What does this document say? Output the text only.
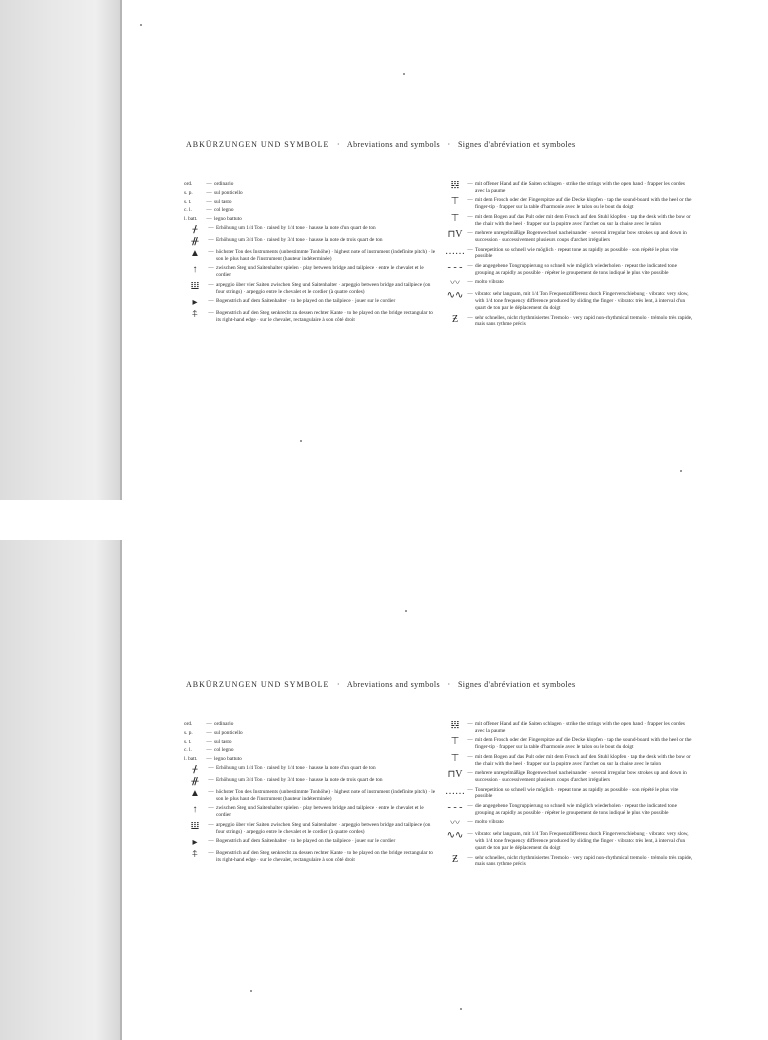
ABKÜRZUNGEN UND SYMBOLE · Abreviations and symbols · Signes d'abréviation et symboles
ord.	— ordinario
s. p.	— sul ponticello
s. t.	— sul tasto
c. l.	— col legno
l. batt.	— legno battuto
ᚋ	— Erhöhung um 1/4 Ton · raised by 1/4 tone · hausse la note d'un quart de ton
ᚌ	— Erhöhung um 3/4 Ton · raised by 3/4 tone · hausse la note de trois quart de ton
▲	— höchster Ton des Instruments (unbestimmte Tonhöhe) · highest note of instrument (indefinite pitch) · le son le plus haut de l'instrument (hauteur indéterminée)
↑	— zwischen Steg und Saitenhalter spielen · play between bridge and tailpiece · entre le chevalet et le cordier
𝍔	— arpeggio über vier Saiten zwischen Steg und Saitenhalter · arpeggio between bridge and tailpiece (on four strings) · arpeggio entre le chevalet et le cordier (à quatre cordes)
▸	— Bogenstrich auf dem Saitenhalter · to be played on the tailpiece · jouer sur le cordier
⍏	— Bogenstrich auf den Steg senkrecht zu dessen rechter Kante · to be played on the bridge rectangular to its right-hand edge · sur le chevalet, rectangulaire à son côté droit
𝍓	— mit offener Hand auf die Saiten schlagen · strike the strings with the open hand · frapper les cordes avec la paume
⊤	— mit dem Frosch oder der Fingerspitze auf die Decke klopfen · tap the sound-board with the heel or the finger-tip · frapper sur la table d'harmonie avec le talon ou le bout du doigt
⊤	— mit dem Bogen auf das Pult oder mit dem Frosch auf den Stuhl klopfen · tap the desk with the bow or the chair with the heel · frapper sur la pupitre avec l'archet ou sur la chaise avec le talon
⊓V — mehrere unregelmäßige Bogenwechsel nacheinander · several irregular bow strokes up and down in succession · successivement plusieurs coups d'archet irréguliers
…… — Tonrepetition so schnell wie möglich · repeat tone as rapidly as possible · son répété le plus vite possible
- - - — die angegebene Tongruppierung so schnell wie möglich wiederholen · repeat the indicated tone grouping as rapidly as possible · répéter le groupement de tons indiqué le plus vite possible
〰	— molto vibrato
∿∿ — vibrato: sehr langsam, mit 1/4 Ton Frequenzdifferenz durch Fingerverschiebung · vibrato: very slow, with 1/4 tone frequency difference produced by sliding the finger · vibrato: très lent, à interval d'un quart de ton par le déplacement du doigt
Ƶ	— sehr schnelles, nicht rhythmisiertes Tremolo · very rapid non-rhythmical tremolo · trémolo très rapide, mais sans rythme précis
ABKÜRZUNGEN UND SYMBOLE · Abreviations and symbols · Signes d'abréviation et symboles
ord.	— ordinario
s. p.	— sul ponticello
s. t.	— sul tasto
c. l.	— col legno
l. batt.	— legno battuto
ᚋ	— Erhöhung um 1/4 Ton · raised by 1/4 tone · hausse la note d'un quart de ton
ᚌ	— Erhöhung um 3/4 Ton · raised by 3/4 tone · hausse la note de trois quart de ton
▲	— höchster Ton des Instruments (unbestimmte Tonhöhe) · highest note of instrument (indefinite pitch) · le son le plus haut de l'instrument (hauteur indéterminée)
↑	— zwischen Steg und Saitenhalter spielen · play between bridge and tailpiece · entre le chevalet et le cordier
𝍔	— arpeggio über vier Saiten zwischen Steg und Saitenhalter · arpeggio between bridge and tailpiece (on four strings) · arpeggio entre le chevalet et le cordier (à quatre cordes)
▸	— Bogenstrich auf dem Saitenhalter · to be played on the tailpiece · jouer sur le cordier
⍏	— Bogenstrich auf den Steg senkrecht zu dessen rechter Kante · to be played on the bridge rectangular to its right-hand edge · sur le chevalet, rectangulaire à son côté droit
𝍓	— mit offener Hand auf die Saiten schlagen · strike the strings with the open hand · frapper les cordes avec la paume
⊤	— mit dem Frosch oder der Fingerspitze auf die Decke klopfen · tap the sound-board with the heel or the finger-tip · frapper sur la table d'harmonie avec le talon ou le bout du doigt
⊤	— mit dem Bogen auf das Pult oder mit dem Frosch auf den Stuhl klopfen · tap the desk with the bow or the chair with the heel · frapper sur la pupitre avec l'archet ou sur la chaise avec le talon
⊓V — mehrere unregelmäßige Bogenwechsel nacheinander · several irregular bow strokes up and down in succession · successivement plusieurs coups d'archet irréguliers
…… — Tonrepetition so schnell wie möglich · repeat tone as rapidly as possible · son répété le plus vite possible
- - - — die angegebene Tongruppierung so schnell wie möglich wiederholen · repeat the indicated tone grouping as rapidly as possible · répéter le groupement de tons indiqué le plus vite possible
〰	— molto vibrato
∿∿ — vibrato: sehr langsam, mit 1/4 Ton Frequenzdifferenz durch Fingerverschiebung · vibrato: very slow, with 1/4 tone frequency difference produced by sliding the finger · vibrato: très lent, à interval d'un quart de ton par le déplacement du doigt
Ƶ	— sehr schnelles, nicht rhythmisiertes Tremolo · very rapid non-rhythmical tremolo · trémolo très rapide, mais sans rythme précis
